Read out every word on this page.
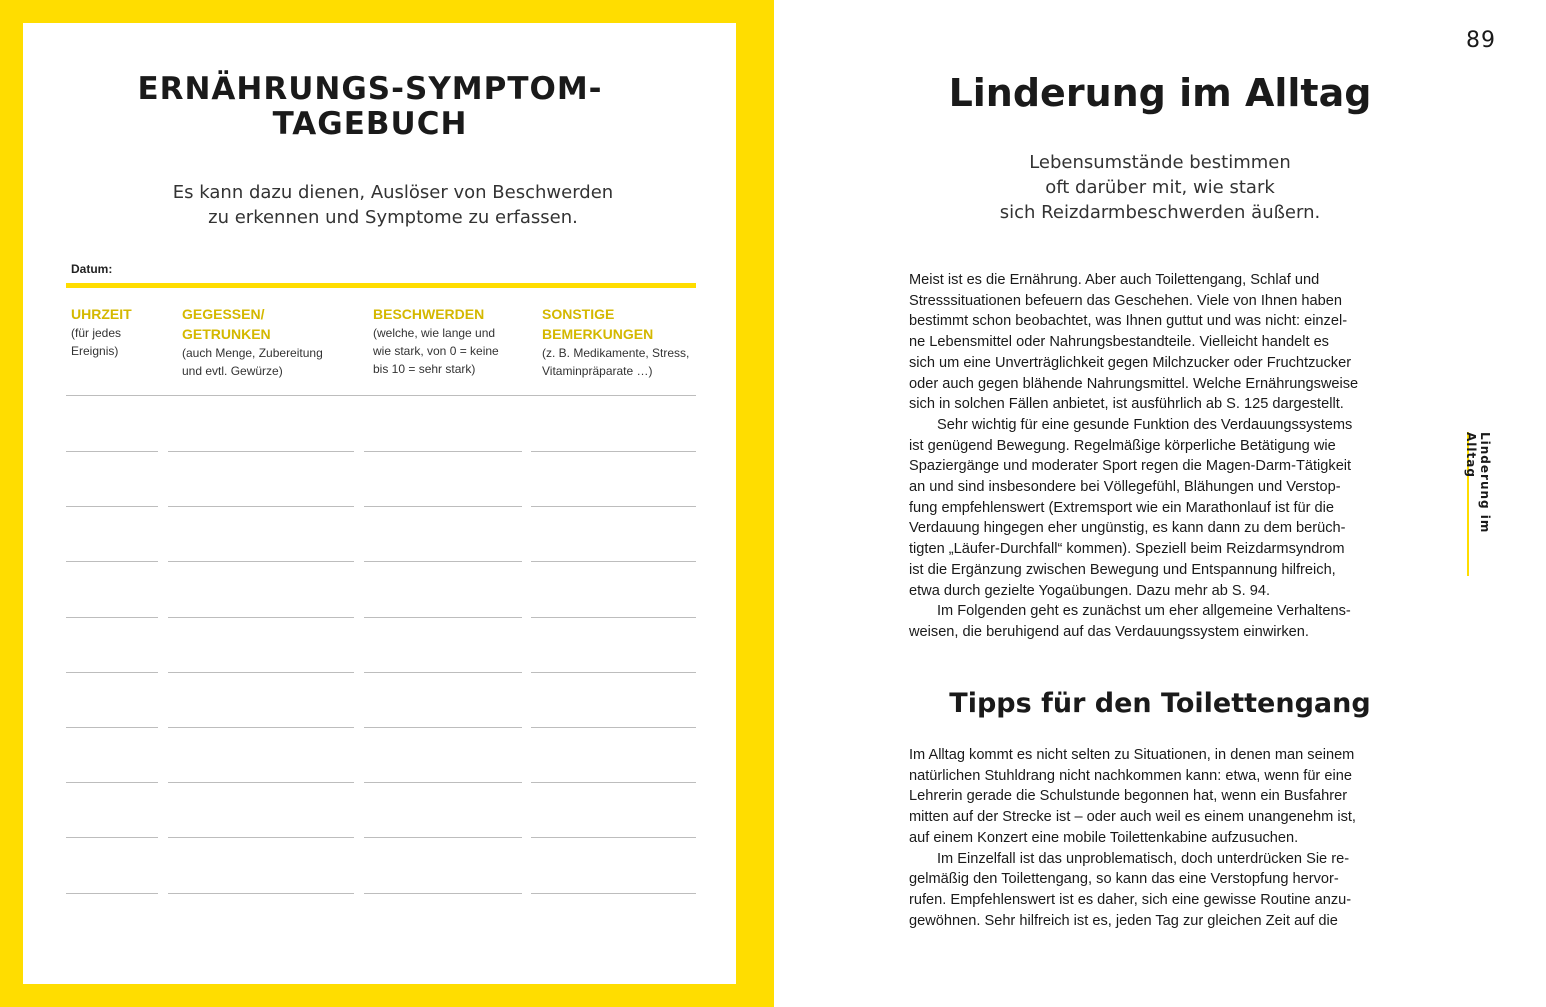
ERNÄHRUNGS-SYMPTOM-
TAGEBUCH

Es kann dazu dienen, Auslöser von Beschwerden
zu erkennen und Symptome zu erfassen.

Datum:
UHRZEIT
(für jedes
Ereignis)
GEGESSEN/
GETRUNKEN
(auch Menge, Zubereitung
und evtl. Gewürze)
BESCHWERDEN
(welche, wie lange und
wie stark, von 0 = keine
bis 10 = sehr stark)
SONSTIGE
BEMERKUNGEN
(z. B. Medikamente, Stress,
Vitaminpräparate …)
89
Linderung im Alltag

Lebensumstände bestimmen
oft darüber mit, wie stark
sich Reizdarmbeschwerden äußern.

Meist ist es die Ernährung. Aber auch Toilettengang, Schlaf und
Stresssituationen befeuern das Geschehen. Viele von Ihnen haben
bestimmt schon beobachtet, was Ihnen guttut und was nicht: einzel-
ne Lebensmittel oder Nahrungsbestandteile. Vielleicht handelt es
sich um eine Unverträglichkeit gegen Milchzucker oder Fruchtzucker
oder auch gegen blähende Nahrungsmittel. Welche Ernährungsweise
sich in solchen Fällen anbietet, ist ausführlich ab S. 125 dargestellt.
Sehr wichtig für eine gesunde Funktion des Verdauungssystems
ist genügend Bewegung. Regelmäßige körperliche Betätigung wie
Spaziergänge und moderater Sport regen die Magen-Darm-Tätigkeit
an und sind insbesondere bei Völlegefühl, Blähungen und Verstop-
fung empfehlenswert (Extremsport wie ein Marathonlauf ist für die
Verdauung hingegen eher ungünstig, es kann dann zu dem berüch-
tigten „Läufer-Durchfall“ kommen). Speziell beim Reizdarmsyndrom
ist die Ergänzung zwischen Bewegung und Entspannung hilfreich,
etwa durch gezielte Yogaübungen. Dazu mehr ab S. 94.
Im Folgenden geht es zunächst um eher allgemeine Verhaltens-
weisen, die beruhigend auf das Verdauungssystem einwirken.
Tipps für den Toilettengang
Im Alltag kommt es nicht selten zu Situationen, in denen man seinem
natürlichen Stuhldrang nicht nachkommen kann: etwa, wenn für eine
Lehrerin gerade die Schulstunde begonnen hat, wenn ein Busfahrer
mitten auf der Strecke ist – oder auch weil es einem unangenehm ist,
auf einem Konzert eine mobile Toilettenkabine aufzusuchen.
Im Einzelfall ist das unproblematisch, doch unterdrücken Sie re-
gelmäßig den Toilettengang, so kann das eine Verstopfung hervor-
rufen. Empfehlenswert ist es daher, sich eine gewisse Routine anzu-
gewöhnen. Sehr hilfreich ist es, jeden Tag zur gleichen Zeit auf die
Linderung im Alltag
